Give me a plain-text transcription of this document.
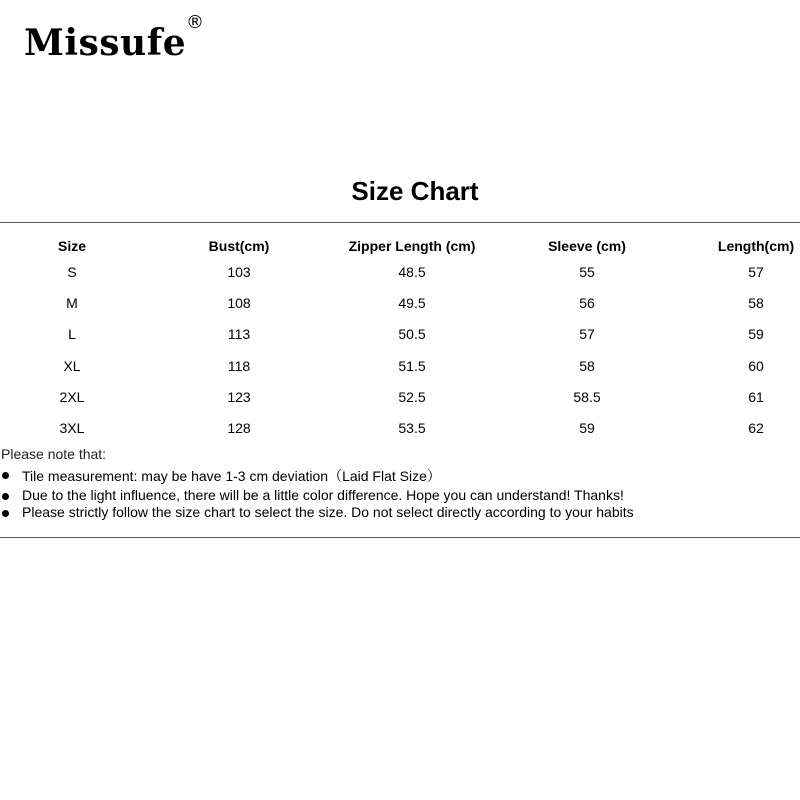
Missufe ®
Size Chart
Size	Bust(cm)	Zipper Length (cm)	Sleeve (cm)	Length(cm)
S	103	48.5	55	57
M	108	49.5	56	58
L	113	50.5	57	59
XL	118	51.5	58	60
2XL	123	52.5	58.5	61
3XL	128	53.5	59	62
Please note that:
Tile measurement: may be have 1-3 cm deviation（Laid Flat Size）
Due to the light influence, there will be a little color difference. Hope you can understand! Thanks!
Please strictly follow the size chart to select the size. Do not select directly according to your habits
